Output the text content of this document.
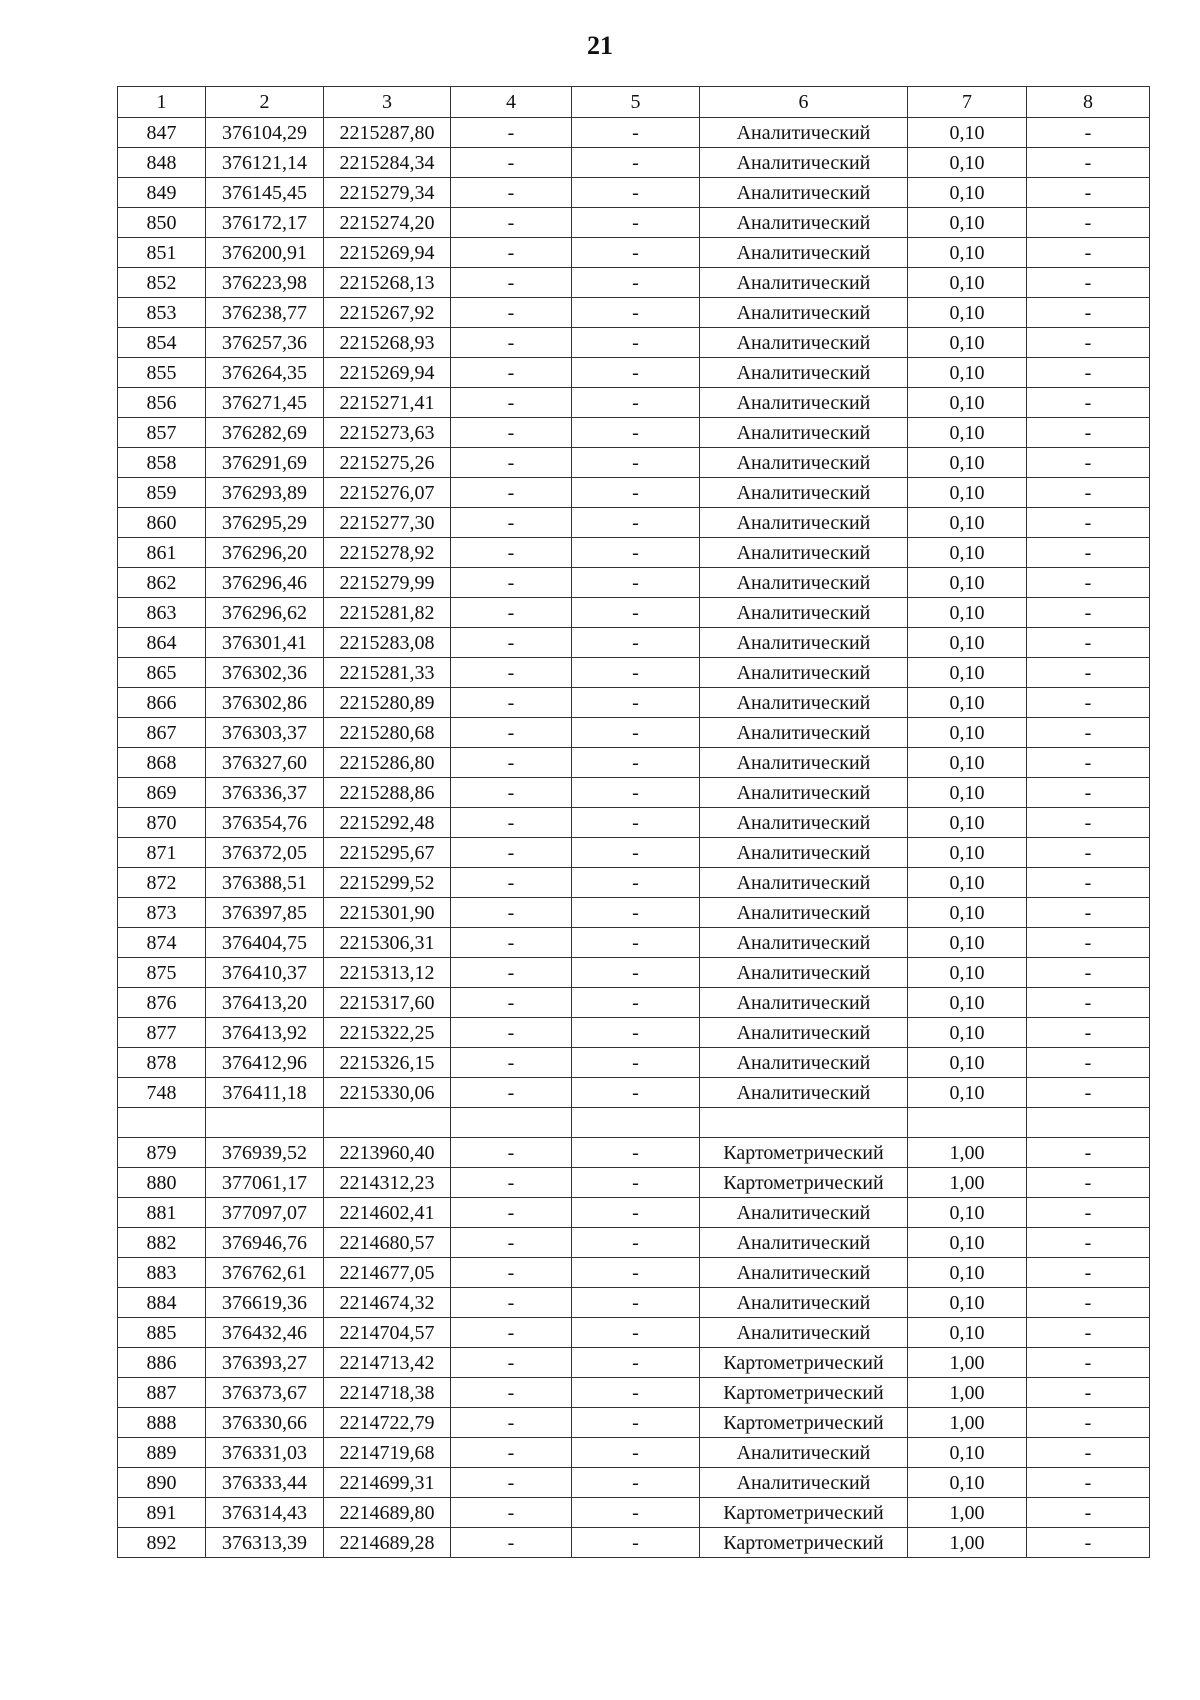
21
1	2	3	4	5	6	7	8
847	376104,29	2215287,80	-	-	Аналитический	0,10	-
848	376121,14	2215284,34	-	-	Аналитический	0,10	-
849	376145,45	2215279,34	-	-	Аналитический	0,10	-
850	376172,17	2215274,20	-	-	Аналитический	0,10	-
851	376200,91	2215269,94	-	-	Аналитический	0,10	-
852	376223,98	2215268,13	-	-	Аналитический	0,10	-
853	376238,77	2215267,92	-	-	Аналитический	0,10	-
854	376257,36	2215268,93	-	-	Аналитический	0,10	-
855	376264,35	2215269,94	-	-	Аналитический	0,10	-
856	376271,45	2215271,41	-	-	Аналитический	0,10	-
857	376282,69	2215273,63	-	-	Аналитический	0,10	-
858	376291,69	2215275,26	-	-	Аналитический	0,10	-
859	376293,89	2215276,07	-	-	Аналитический	0,10	-
860	376295,29	2215277,30	-	-	Аналитический	0,10	-
861	376296,20	2215278,92	-	-	Аналитический	0,10	-
862	376296,46	2215279,99	-	-	Аналитический	0,10	-
863	376296,62	2215281,82	-	-	Аналитический	0,10	-
864	376301,41	2215283,08	-	-	Аналитический	0,10	-
865	376302,36	2215281,33	-	-	Аналитический	0,10	-
866	376302,86	2215280,89	-	-	Аналитический	0,10	-
867	376303,37	2215280,68	-	-	Аналитический	0,10	-
868	376327,60	2215286,80	-	-	Аналитический	0,10	-
869	376336,37	2215288,86	-	-	Аналитический	0,10	-
870	376354,76	2215292,48	-	-	Аналитический	0,10	-
871	376372,05	2215295,67	-	-	Аналитический	0,10	-
872	376388,51	2215299,52	-	-	Аналитический	0,10	-
873	376397,85	2215301,90	-	-	Аналитический	0,10	-
874	376404,75	2215306,31	-	-	Аналитический	0,10	-
875	376410,37	2215313,12	-	-	Аналитический	0,10	-
876	376413,20	2215317,60	-	-	Аналитический	0,10	-
877	376413,92	2215322,25	-	-	Аналитический	0,10	-
878	376412,96	2215326,15	-	-	Аналитический	0,10	-
748	376411,18	2215330,06	-	-	Аналитический	0,10	-

879	376939,52	2213960,40	-	-	Картометрический	1,00	-
880	377061,17	2214312,23	-	-	Картометрический	1,00	-
881	377097,07	2214602,41	-	-	Аналитический	0,10	-
882	376946,76	2214680,57	-	-	Аналитический	0,10	-
883	376762,61	2214677,05	-	-	Аналитический	0,10	-
884	376619,36	2214674,32	-	-	Аналитический	0,10	-
885	376432,46	2214704,57	-	-	Аналитический	0,10	-
886	376393,27	2214713,42	-	-	Картометрический	1,00	-
887	376373,67	2214718,38	-	-	Картометрический	1,00	-
888	376330,66	2214722,79	-	-	Картометрический	1,00	-
889	376331,03	2214719,68	-	-	Аналитический	0,10	-
890	376333,44	2214699,31	-	-	Аналитический	0,10	-
891	376314,43	2214689,80	-	-	Картометрический	1,00	-
892	376313,39	2214689,28	-	-	Картометрический	1,00	-
